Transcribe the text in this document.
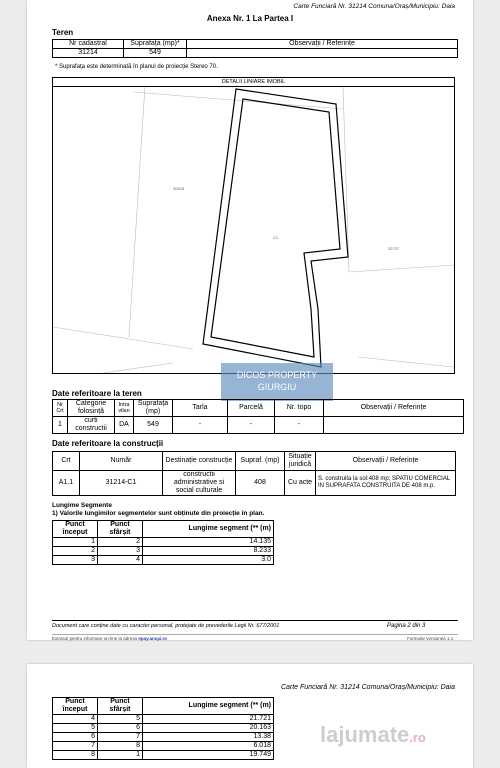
Carte Funciară Nr. 31214 Comuna/Oraș/Municipiu: Daia
Anexa Nr. 1 La Partea I
Teren
Nr cadastral	Suprafața (mp)*	Observații / Referințe
31214	549	
* Suprafața este determinată în planul de proiecție Stereo 70.
DETALII LINIARE IMOBIL
30628
C1
32737
DICOS PROPERTY
GIURGIU
Date referitoare la teren
Nr Crt	Categorie folosință	Intra vilan	Suprafața (mp)	Tarla	Parcelă	Nr. topo	Observații / Referințe
1	curti constructii	DA	549	-	-	-	
Date referitoare la construcții
Crt	Număr	Destinație construcție	Supraf. (mp)	Situație juridică	Observații / Referințe
A1.1	31214-C1	constructii administrative si social culturale	408	Cu acte	S. construita la sol:408 mp; SPATIU COMERCIAL IN SUPRAFATA CONSTRUITA DE 408 m.p.
Lungime Segmente
1) Valorile lungimilor segmentelor sunt obținute din proiecție în plan.
Punct început	Punct sfârșit	Lungime segment (** (m)
1	2	14.135
2	3	8.233
3	4	3.0
Document care conține date cu caracter personal, protejate de prevederile Legii Nr. 677/2001	Pagina 2 din 3
Extrasul pentru informare on-line la adresa epay.ancpi.ro	Formular versiunea 1.1
Carte Funciară Nr. 31214 Comuna/Oraș/Municipiu: Daia
Punct început	Punct sfârșit	Lungime segment (** (m)
4	5	21.721
5	6	20.163
6	7	13.38
7	8	6.018
8	1	19.749
lajumate.ro
